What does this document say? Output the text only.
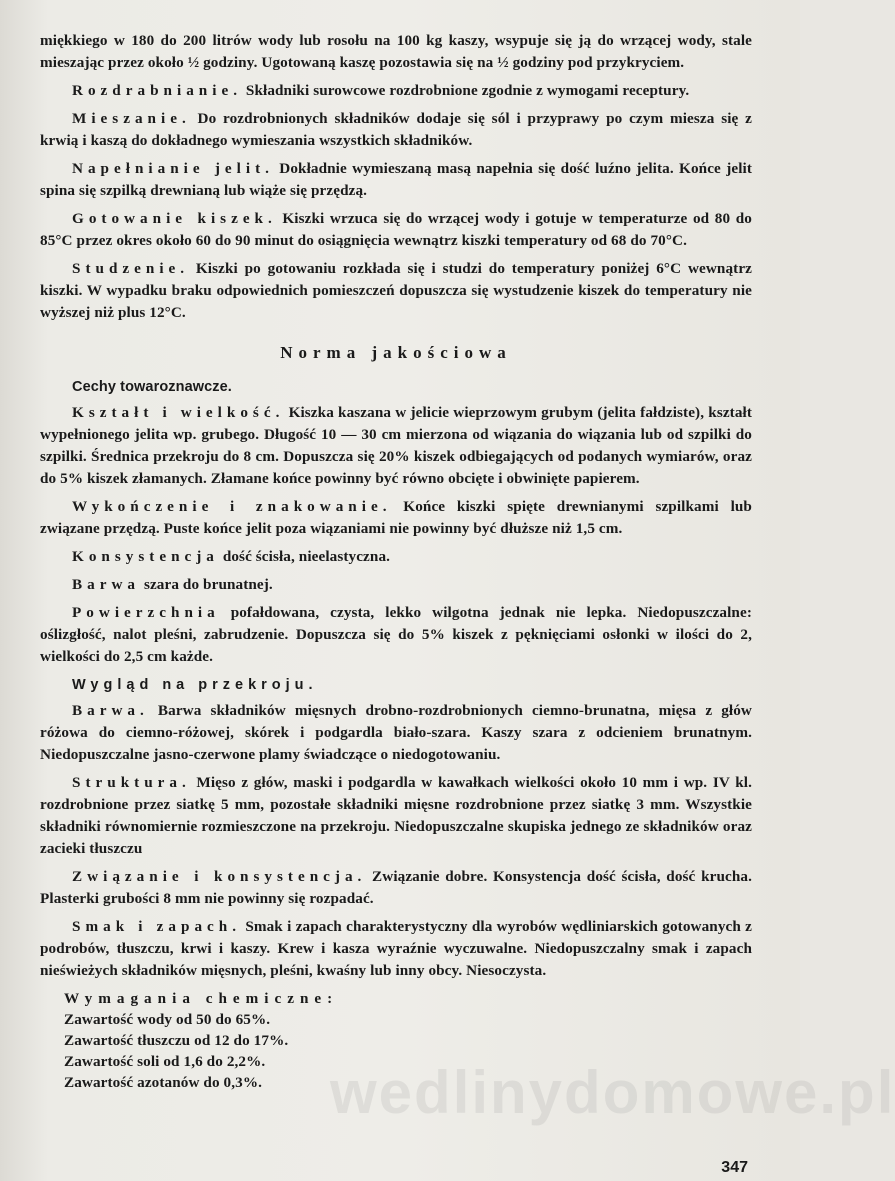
wedlinydomowe.pl

miękkiego w 180 do 200 litrów wody lub rosołu na 100 kg kaszy, wsypuje się ją do wrzącej wody, stale mieszając przez około ½ godziny. Ugotowaną kaszę pozostawia się na ½ godziny pod przykryciem.

Rozdrabnianie. Składniki surowcowe rozdrobnione zgodnie z wymogami receptury.

Mieszanie. Do rozdrobnionych składników dodaje się sól i przyprawy po czym miesza się z krwią i kaszą do dokładnego wymieszania wszystkich składników.

Napełnianie jelit. Dokładnie wymieszaną masą napełnia się dość luźno jelita. Końce jelit spina się szpilką drewnianą lub wiąże się przędzą.

Gotowanie kiszek. Kiszki wrzuca się do wrzącej wody i gotuje w temperaturze od 80 do 85°C przez okres około 60 do 90 minut do osiągnięcia wewnątrz kiszki temperatury od 68 do 70°C.

Studzenie. Kiszki po gotowaniu rozkłada się i studzi do temperatury poniżej 6°C wewnątrz kiszki. W wypadku braku odpowiednich pomieszczeń dopuszcza się wystudzenie kiszek do temperatury nie wyższej niż plus 12°C.

Norma jakościowa
Cechy towaroznawcze.

Kształt i wielkość. Kiszka kaszana w jelicie wieprzowym grubym (jelita fałdziste), kształt wypełnionego jelita wp. grubego. Długość 10 — 30 cm mierzona od wiązania do wiązania lub od szpilki do szpilki. Średnica przekroju do 8 cm. Dopuszcza się 20% kiszek odbiegających od podanych wymiarów, oraz do 5% kiszek złamanych. Złamane końce powinny być równo obcięte i obwinięte papierem.

Wykończenie i znakowanie. Końce kiszki spięte drewnianymi szpilkami lub związane przędzą. Puste końce jelit poza wiązaniami nie powinny być dłuższe niż 1,5 cm.

Konsystencja dość ścisła, nieelastyczna.

Barwa szara do brunatnej.

Powierzchnia pofałdowana, czysta, lekko wilgotna jednak nie lepka. Niedopuszczalne: oślizgłość, nalot pleśni, zabrudzenie. Dopuszcza się do 5% kiszek z pęknięciami osłonki w ilości do 2, wielkości do 2,5 cm każde.

Wygląd na przekroju.

Barwa. Barwa składników mięsnych drobno-rozdrobnionych ciemno-brunatna, mięsa z głów różowa do ciemno-różowej, skórek i podgardla biało-szara. Kaszy szara z odcieniem brunatnym. Niedopuszczalne jasno-czerwone plamy świadczące o niedogotowaniu.

Struktura. Mięso z głów, maski i podgardla w kawałkach wielkości około 10 mm i wp. IV kl. rozdrobnione przez siatkę 5 mm, pozostałe składniki mięsne rozdrobnione przez siatkę 3 mm. Wszystkie składniki równomiernie rozmieszczone na przekroju. Niedopuszczalne skupiska jednego ze składników oraz zacieki tłuszczu

Związanie i konsystencja. Związanie dobre. Konsystencja dość ścisła, dość krucha. Plasterki grubości 8 mm nie powinny się rozpadać.

Smak i zapach. Smak i zapach charakterystyczny dla wyrobów wędliniarskich gotowanych z podrobów, tłuszczu, krwi i kaszy. Krew i kasza wyraźnie wyczuwalne. Niedopuszczalny smak i zapach nieświeżych składników mięsnych, pleśni, kwaśny lub inny obcy. Niesoczysta.

Wymagania chemiczne:
Zawartość wody od 50 do 65%.
Zawartość tłuszczu od 12 do 17%.
Zawartość soli od 1,6 do 2,2%.
Zawartość azotanów do 0,3%.
347
